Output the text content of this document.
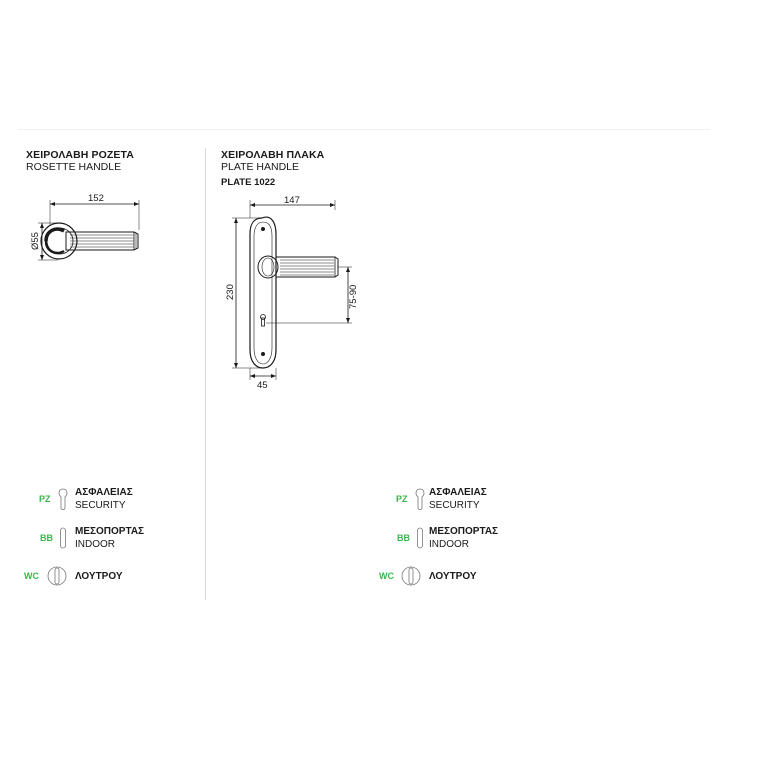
ΧΕΙΡΟΛΑΒΗ ΡΟΖΕΤΑ
ROSETTE HANDLE
152
Ø55
ΧΕΙΡΟΛΑΒΗ ΠΛΑΚΑ
PLATE HANDLE
PLATE 1022
147
230	75-90
45
PZ
ΑΣΦΑΛΕΙΑΣ
SECURITY
BB
ΜΕΣΟΠΟΡΤΑΣ
INDOOR
WC	ΛΟΥΤΡΟΥ
PZ
ΑΣΦΑΛΕΙΑΣ
SECURITY
BB
ΜΕΣΟΠΟΡΤΑΣ
INDOOR
WC	ΛΟΥΤΡΟΥ
